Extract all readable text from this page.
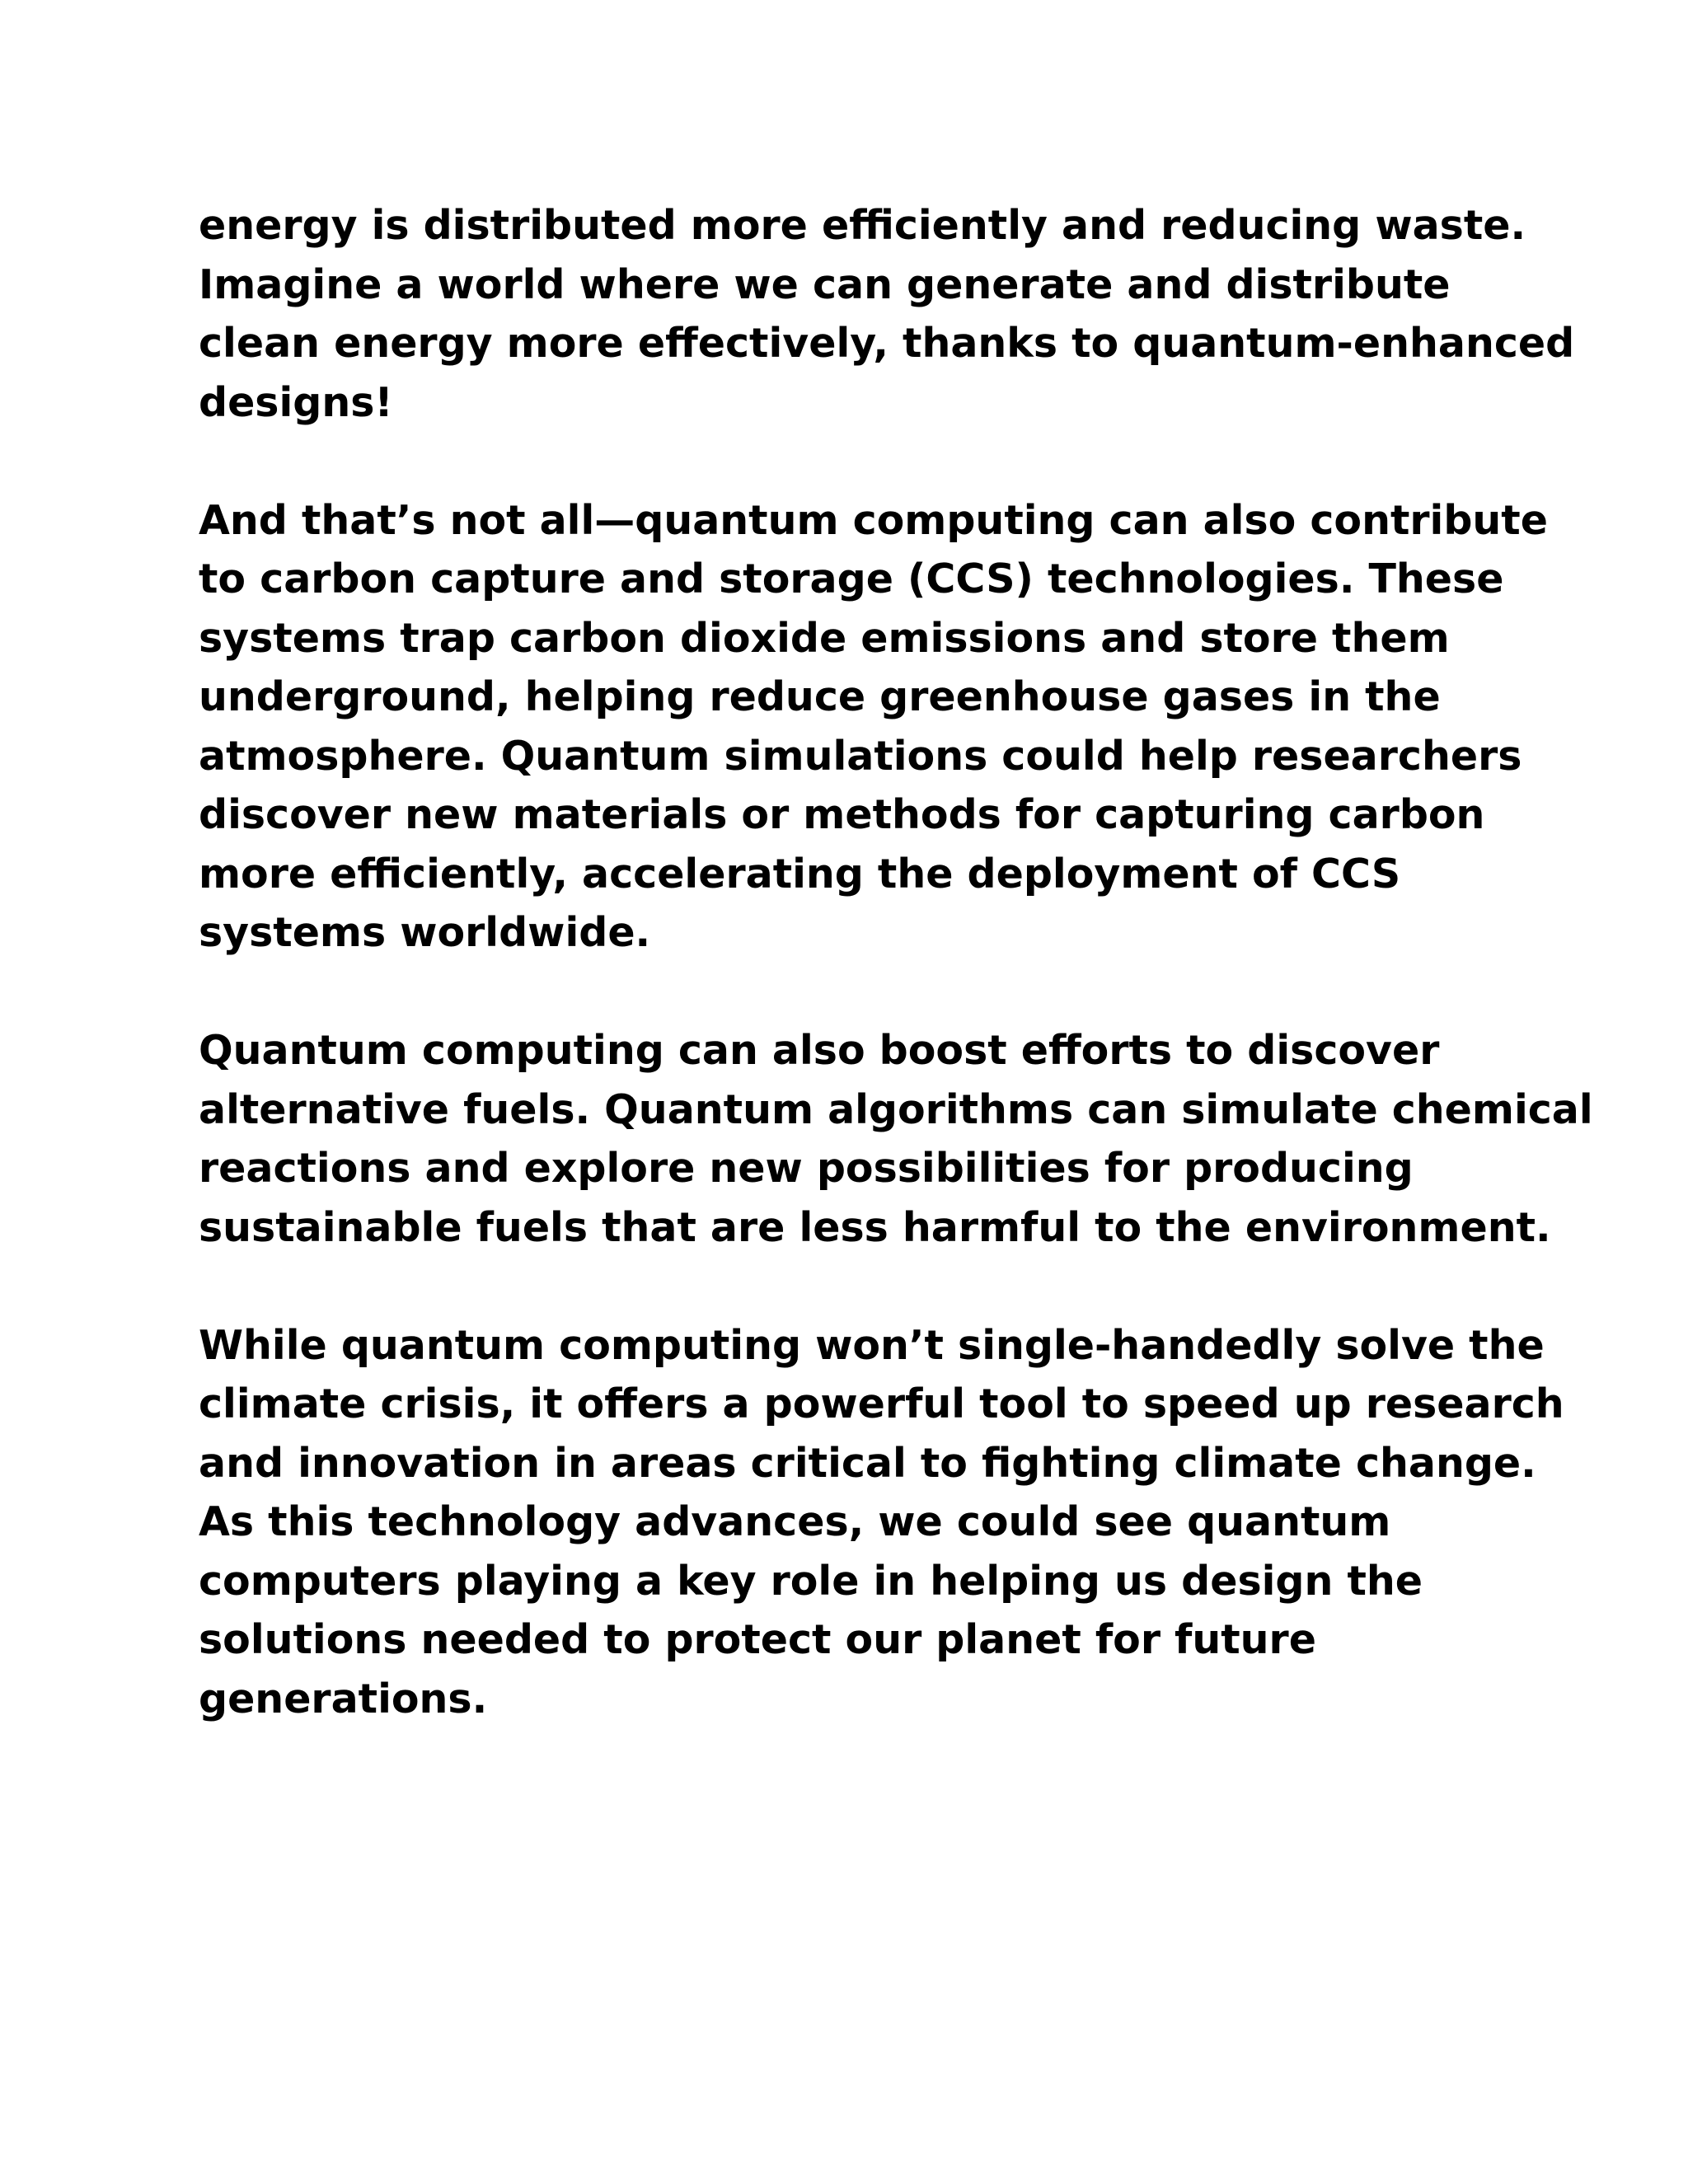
energy is distributed more efficiently and reducing waste.
Imagine a world where we can generate and distribute
clean energy more effectively, thanks to quantum-enhanced
designs!

And that’s not all—quantum computing can also contribute
to carbon capture and storage (CCS) technologies. These
systems trap carbon dioxide emissions and store them
underground, helping reduce greenhouse gases in the
atmosphere. Quantum simulations could help researchers
discover new materials or methods for capturing carbon
more efficiently, accelerating the deployment of CCS
systems worldwide.

Quantum computing can also boost efforts to discover
alternative fuels. Quantum algorithms can simulate chemical
reactions and explore new possibilities for producing
sustainable fuels that are less harmful to the environment.

While quantum computing won’t single-handedly solve the
climate crisis, it offers a powerful tool to speed up research
and innovation in areas critical to fighting climate change.
As this technology advances, we could see quantum
computers playing a key role in helping us design the
solutions needed to protect our planet for future
generations.
